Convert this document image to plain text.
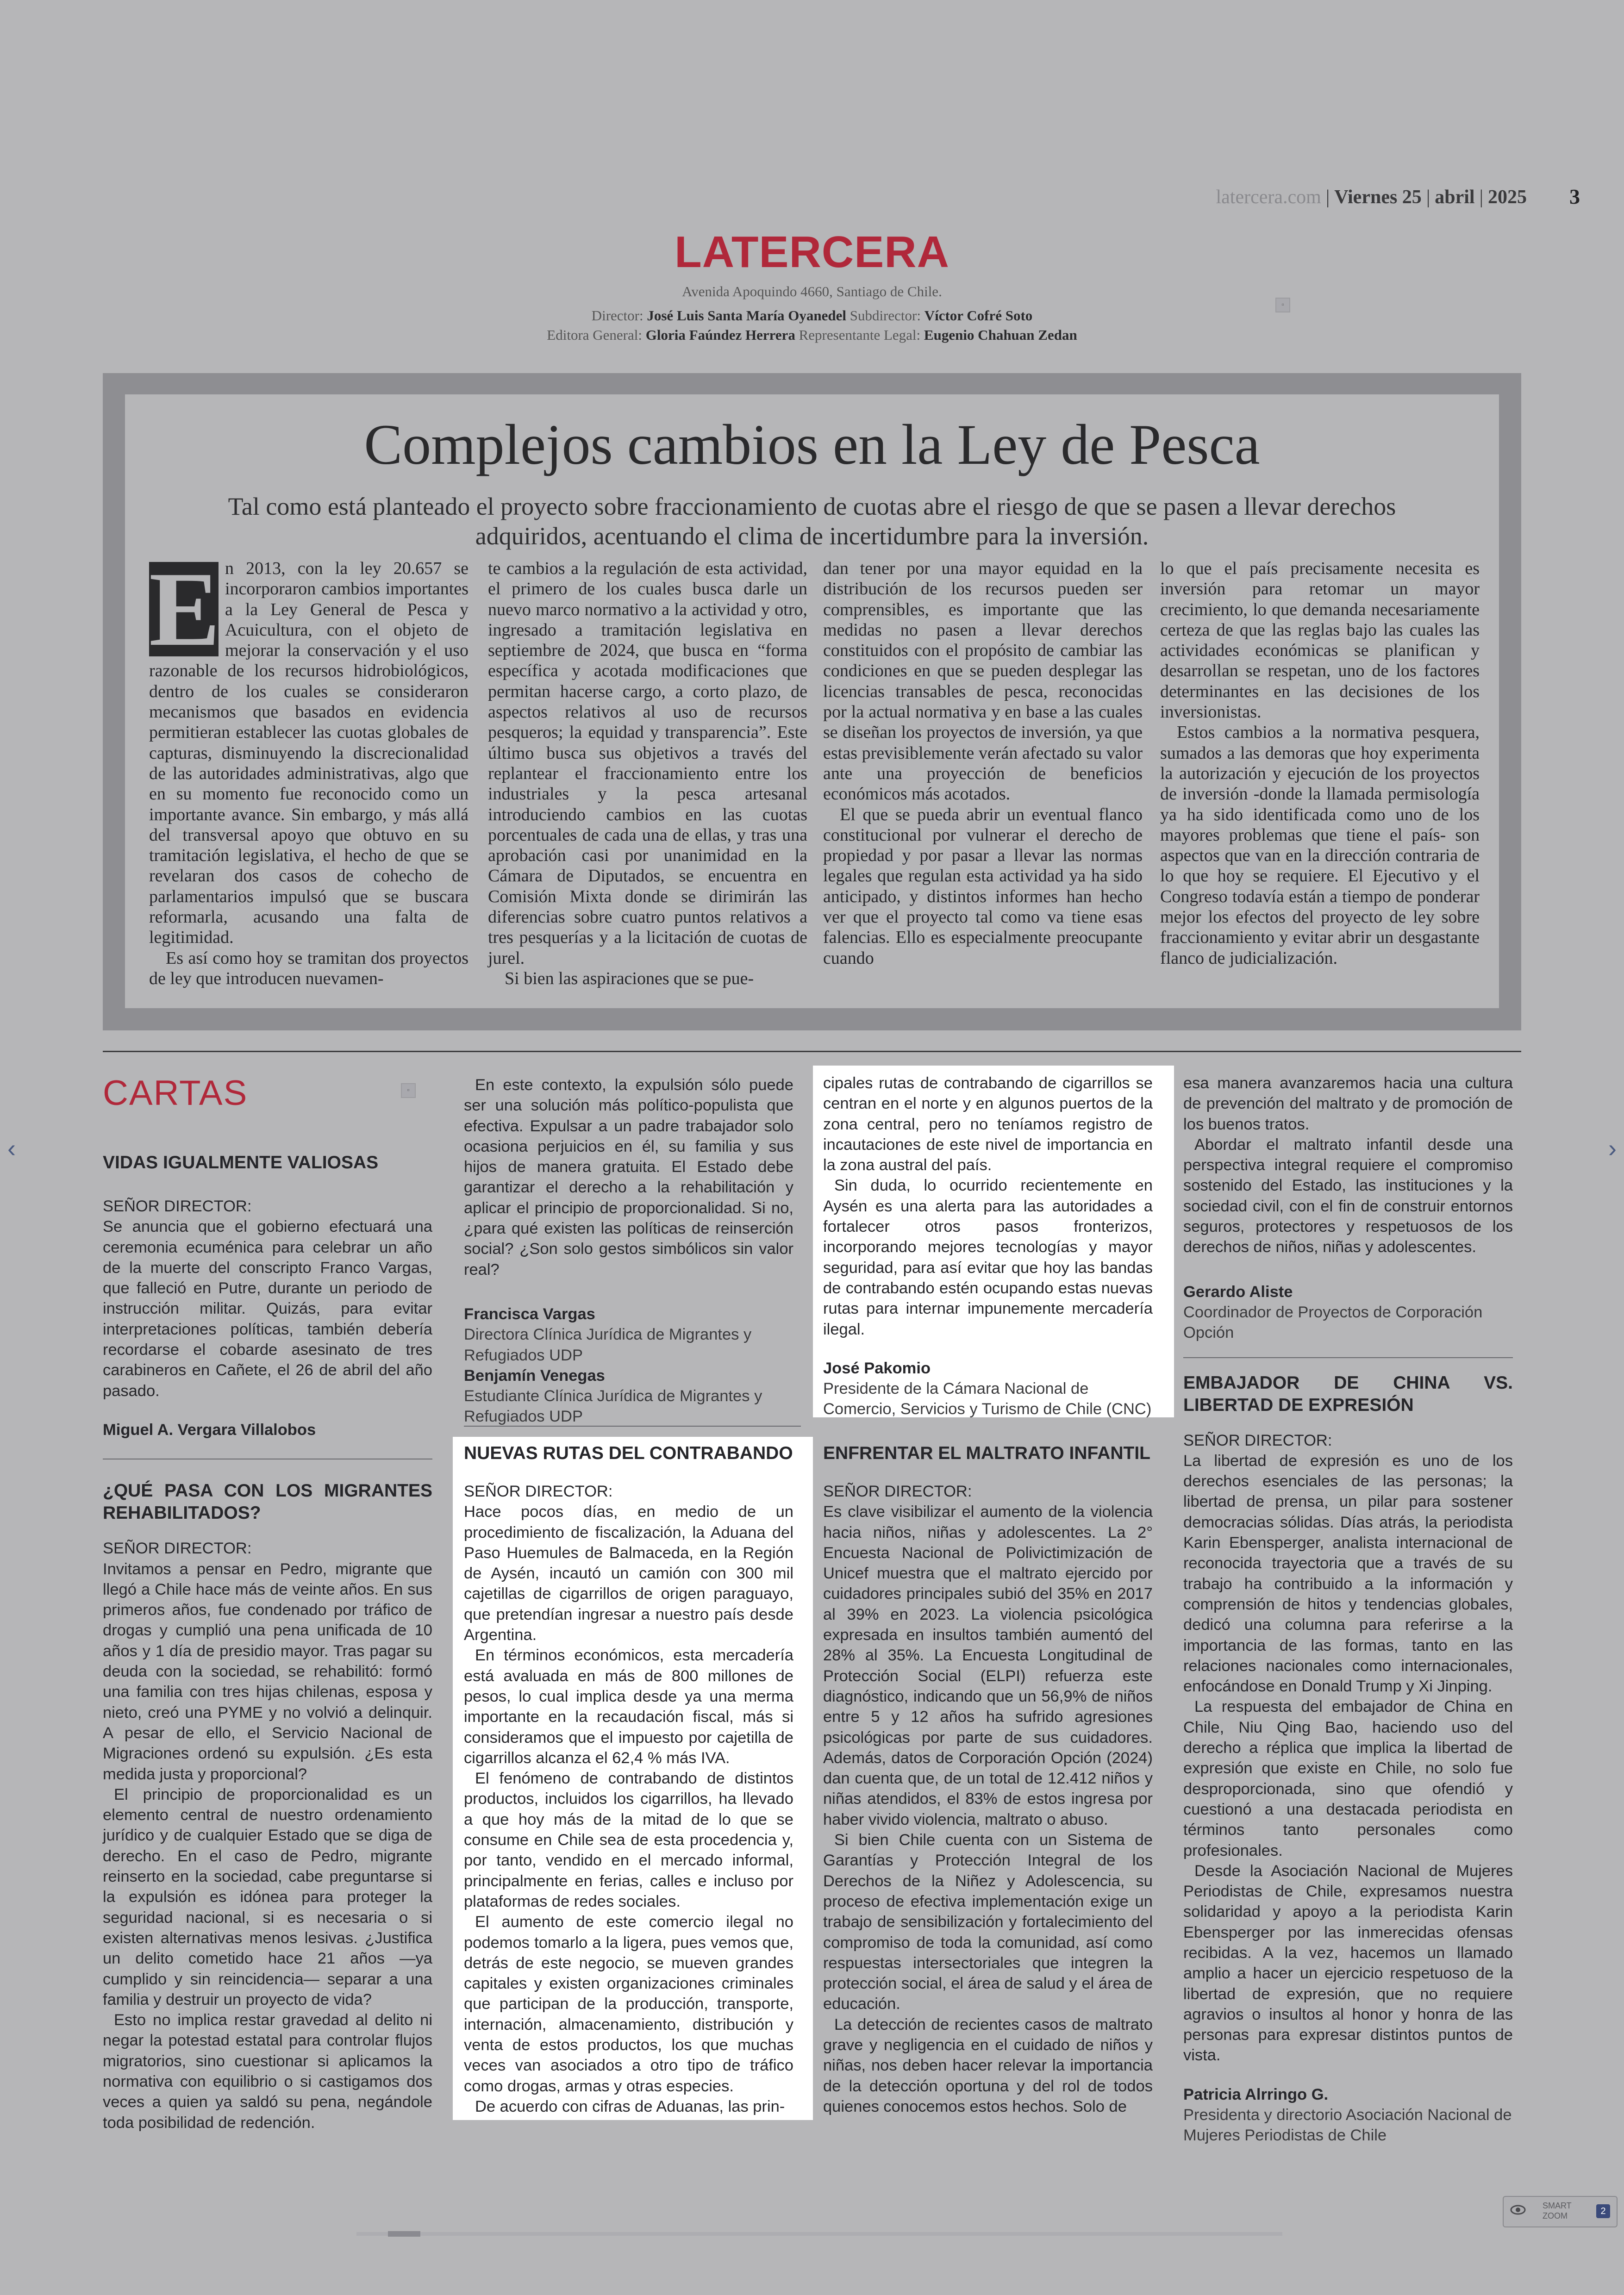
latercera.com | Viernes 25 | abril | 2025 3
LATERCERA
Avenida Apoquindo 4660, Santiago de Chile.
Director: José Luis Santa María Oyanedel Subdirector: Víctor Cofré Soto
Editora General: Gloria Faúndez Herrera Representante Legal: Eugenio Chahuan Zedan
▫
Complejos cambios en la Ley de Pesca
Tal como está planteado el proyecto sobre fraccionamiento de cuotas abre el riesgo de que se pasen a llevar derechos adquiridos, acentuando el clima de incertidumbre para la inversión.
E n 2013, con la ley 20.657 se incorporaron cambios importantes a la Ley General de Pesca y Acuicultura, con el objeto de mejorar la conservación y el uso razonable de los recursos hidrobiológicos, dentro de los cuales se consideraron mecanismos que basados en evidencia permitieran establecer las cuotas globales de capturas, disminuyendo la discrecionalidad de las autoridades administrativas, algo que en su momento fue reconocido como un importante avance. Sin embargo, y más allá del transversal apoyo que obtuvo en su tramitación legislativa, el hecho de que se revelaran dos casos de cohecho de parlamentarios impulsó que se buscara reformarla, acusando una falta de legitimidad.

Es así como hoy se tramitan dos proyectos de ley que introducen nuevamen-

te cambios a la regulación de esta actividad, el primero de los cuales busca darle un nuevo marco normativo a la actividad y otro, ingresado a tramitación legislativa en septiembre de 2024, que busca en “forma específica y acotada modificaciones que permitan hacerse cargo, a corto plazo, de aspectos relativos al uso de recursos pesqueros; la equidad y transparencia”. Este último busca sus objetivos a través del replantear el fraccionamiento entre los industriales y la pesca artesanal introduciendo cambios en las cuotas porcentuales de cada una de ellas, y tras una aprobación casi por unanimidad en la Cámara de Diputados, se encuentra en Comisión Mixta donde se dirimirán las diferencias sobre cuatro puntos relativos a tres pesquerías y a la licitación de cuotas de jurel.

Si bien las aspiraciones que se pue-

dan tener por una mayor equidad en la distribución de los recursos pueden ser comprensibles, es importante que las medidas no pasen a llevar derechos constituidos con el propósito de cambiar las condiciones en que se pueden desplegar las licencias transables de pesca, reconocidas por la actual normativa y en base a las cuales se diseñan los proyectos de inversión, ya que estas previsiblemente verán afectado su valor ante una proyección de beneficios económicos más acotados.

El que se pueda abrir un eventual flanco constitucional por vulnerar el derecho de propiedad y por pasar a llevar las normas legales que regulan esta actividad ya ha sido anticipado, y distintos informes han hecho ver que el proyecto tal como va tiene esas falencias. Ello es especialmente preocupante cuando

lo que el país precisamente necesita es inversión para retomar un mayor crecimiento, lo que demanda necesariamente certeza de que las reglas bajo las cuales las actividades económicas se planifican y desarrollan se respetan, uno de los factores determinantes en las decisiones de los inversionistas.

Estos cambios a la normativa pesquera, sumados a las demoras que hoy experimenta la autorización y ejecución de los proyectos de inversión -donde la llamada permisología ya ha sido identificada como uno de los mayores problemas que tiene el país- son aspectos que van en la dirección contraria de lo que hoy se requiere. El Ejecutivo y el Congreso todavía están a tiempo de ponderar mejor los efectos del proyecto de ley sobre fraccionamiento y evitar abrir un desgastante flanco de judicialización.

CARTAS	▫

VIDAS IGUALMENTE VALIOSAS

SEÑOR DIRECTOR:

Se anuncia que el gobierno efectuará una ceremonia ecuménica para celebrar un año de la muerte del conscripto Franco Vargas, que falleció en Putre, durante un periodo de instrucción militar. Quizás, para evitar interpretaciones políticas, también debería recordarse el cobarde asesinato de tres carabineros en Cañete, el 26 de abril del año pasado.

Miguel A. Vergara Villalobos

¿QUÉ PASA CON LOS MIGRANTES REHABILITADOS?

SEÑOR DIRECTOR:

Invitamos a pensar en Pedro, migrante que llegó a Chile hace más de veinte años. En sus primeros años, fue condenado por tráfico de drogas y cumplió una pena unificada de 10 años y 1 día de presidio mayor. Tras pagar su deuda con la sociedad, se rehabilitó: formó una familia con tres hijas chilenas, esposa y nieto, creó una PYME y no volvió a delinquir. A pesar de ello, el Servicio Nacional de Migraciones ordenó su expulsión. ¿Es esta medida justa y proporcional?

El principio de proporcionalidad es un elemento central de nuestro ordenamiento jurídico y de cualquier Estado que se diga de derecho. En el caso de Pedro, migrante reinserto en la sociedad, cabe preguntarse si la expulsión es idónea para proteger la seguridad nacional, si es necesaria o si existen alternativas menos lesivas. ¿Justifica un delito cometido hace 21 años —ya cumplido y sin reincidencia— separar a una familia y destruir un proyecto de vida?

Esto no implica restar gravedad al delito ni negar la potestad estatal para controlar flujos migratorios, sino cuestionar si aplicamos la normativa con equilibrio o si castigamos dos veces a quien ya saldó su pena, negándole toda posibilidad de redención.

En este contexto, la expulsión sólo puede ser una solución más político-populista que efectiva. Expulsar a un padre trabajador solo ocasiona perjuicios en él, su familia y sus hijos de manera gratuita. El Estado debe garantizar el derecho a la rehabilitación y aplicar el principio de proporcionalidad. Si no, ¿para qué existen las políticas de reinserción social? ¿Son solo gestos simbólicos sin valor real?

Francisca Vargas

Directora Clínica Jurídica de Migrantes y Refugiados UDP

Benjamín Venegas

Estudiante Clínica Jurídica de Migrantes y Refugiados UDP

NUEVAS RUTAS DEL CONTRABANDO

SEÑOR DIRECTOR:

Hace pocos días, en medio de un procedimiento de fiscalización, la Aduana del Paso Huemules de Balmaceda, en la Región de Aysén, incautó un camión con 300 mil cajetillas de cigarrillos de origen paraguayo, que pretendían ingresar a nuestro país desde Argentina.

En términos económicos, esta mercadería está avaluada en más de 800 millones de pesos, lo cual implica desde ya una merma importante en la recaudación fiscal, más si consideramos que el impuesto por cajetilla de cigarrillos alcanza el 62,4 % más IVA.

El fenómeno de contrabando de distintos productos, incluidos los cigarrillos, ha llevado a que hoy más de la mitad de lo que se consume en Chile sea de esta procedencia y, por tanto, vendido en el mercado informal, principalmente en ferias, calles e incluso por plataformas de redes sociales.

El aumento de este comercio ilegal no podemos tomarlo a la ligera, pues vemos que, detrás de este negocio, se mueven grandes capitales y existen organizaciones criminales que participan de la producción, transporte, internación, almacenamiento, distribución y venta de estos productos, los que muchas veces van asociados a otro tipo de tráfico como drogas, armas y otras especies.

De acuerdo con cifras de Aduanas, las prin-

cipales rutas de contrabando de cigarrillos se centran en el norte y en algunos puertos de la zona central, pero no teníamos registro de incautaciones de este nivel de importancia en la zona austral del país.

Sin duda, lo ocurrido recientemente en Aysén es una alerta para las autoridades a fortalecer otros pasos fronterizos, incorporando mejores tecnologías y mayor seguridad, para así evitar que hoy las bandas de contrabando estén ocupando estas nuevas rutas para internar impunemente mercadería ilegal.

José Pakomio

Presidente de la Cámara Nacional de Comercio, Servicios y Turismo de Chile (CNC)

ENFRENTAR EL MALTRATO INFANTIL

SEÑOR DIRECTOR:

Es clave visibilizar el aumento de la violencia hacia niños, niñas y adolescentes. La 2° Encuesta Nacional de Polivictimización de Unicef muestra que el maltrato ejercido por cuidadores principales subió del 35% en 2017 al 39% en 2023. La violencia psicológica expresada en insultos también aumentó del 28% al 35%. La Encuesta Longitudinal de Protección Social (ELPI) refuerza este diagnóstico, indicando que un 56,9% de niños entre 5 y 12 años ha sufrido agresiones psicológicas por parte de sus cuidadores. Además, datos de Corporación Opción (2024) dan cuenta que, de un total de 12.412 niños y niñas atendidos, el 83% de estos ingresa por haber vivido violencia, maltrato o abuso.

Si bien Chile cuenta con un Sistema de Garantías y Protección Integral de los Derechos de la Niñez y Adolescencia, su proceso de efectiva implementación exige un trabajo de sensibilización y fortalecimiento del compromiso de toda la comunidad, así como respuestas intersectoriales que integren la protección social, el área de salud y el área de educación.

La detección de recientes casos de maltrato grave y negligencia en el cuidado de niños y niñas, nos deben hacer relevar la importancia de la detección oportuna y del rol de todos quienes conocemos estos hechos. Solo de

esa manera avanzaremos hacia una cultura de prevención del maltrato y de promoción de los buenos tratos.

Abordar el maltrato infantil desde una perspectiva integral requiere el compromiso sostenido del Estado, las instituciones y la sociedad civil, con el fin de construir entornos seguros, protectores y respetuosos de los derechos de niños, niñas y adolescentes.

Gerardo Aliste

Coordinador de Proyectos de Corporación Opción

EMBAJADOR DE CHINA VS. LIBERTAD DE EXPRESIÓN

SEÑOR DIRECTOR:

La libertad de expresión es uno de los derechos esenciales de las personas; la libertad de prensa, un pilar para sostener democracias sólidas. Días atrás, la periodista Karin Ebensperger, analista internacional de reconocida trayectoria que a través de su trabajo ha contribuido a la información y comprensión de hitos y tendencias globales, dedicó una columna para referirse a la importancia de las formas, tanto en las relaciones nacionales como internacionales, enfocándose en Donald Trump y Xi Jinping.

La respuesta del embajador de China en Chile, Niu Qing Bao, haciendo uso del derecho a réplica que implica la libertad de expresión que existe en Chile, no solo fue desproporcionada, sino que ofendió y cuestionó a una destacada periodista en términos tanto personales como profesionales.

Desde la Asociación Nacional de Mujeres Periodistas de Chile, expresamos nuestra solidaridad y apoyo a la periodista Karin Ebensperger por las inmerecidas ofensas recibidas. A la vez, hacemos un llamado amplio a hacer un ejercicio respetuoso de la libertad de expresión, que no requiere agravios o insultos al honor y honra de las personas para expresar distintos puntos de vista.

Patricia Alrringo G.

Presidenta y directorio Asociación Nacional de Mujeres Periodistas de Chile

‹	›
SMART
ZOOM	2
